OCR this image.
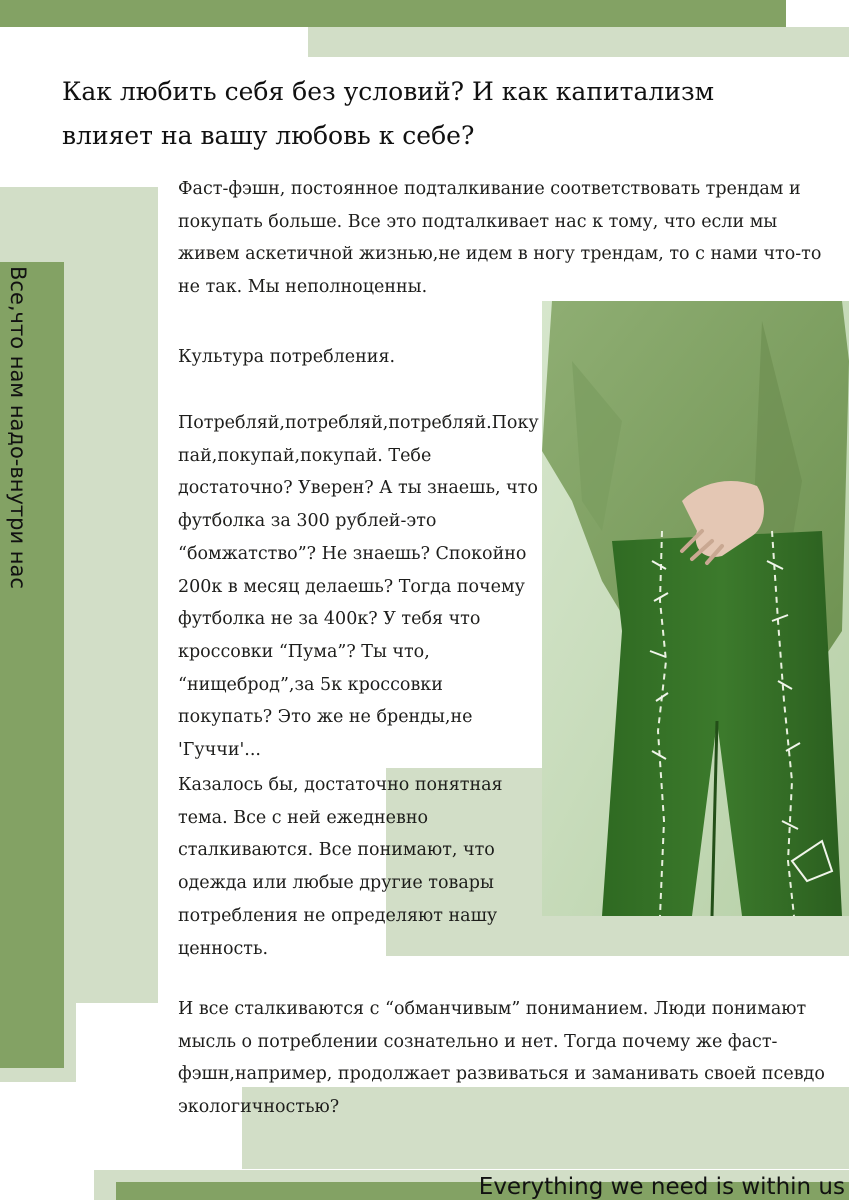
Как любить себя без условий? И как капитализм влияет на вашу любовь к себе?
Все,что нам надо-внутри нас

Фаст-фэшн, постоянное подталкивание соответствовать трендам и покупать больше. Все это подталкивает нас к тому, что если мы живем аскетичной жизнью,не идем в ногу трендам, то с нами что-то не так. Мы неполноценны.

Культура потребления.

Потребляй,потребляй,потребляй.Покупай,покупай,покупай. Тебе достаточно? Уверен? А ты знаешь, что футболка за 300 рублей-это “бомжатство”? Не знаешь? Спокойно 200к в месяц делаешь? Тогда почему футболка не за 400к? У тебя что кроссовки “Пума”? Ты что, “нищеброд”,за 5к кроссовки покупать? Это же не бренды,не 'Гуччи'...

Казалось бы, достаточно понятная тема. Все с ней ежедневно сталкиваются. Все понимают, что одежда или любые другие товары потребления не определяют нашу ценность.

И все сталкиваются с “обманчивым” пониманием. Люди понимают мысль о потреблении сознательно и нет. Тогда почему же фаст-фэшн,например, продолжает развиваться и заманивать своей псевдо экологичностью?

Everything we need is within us
